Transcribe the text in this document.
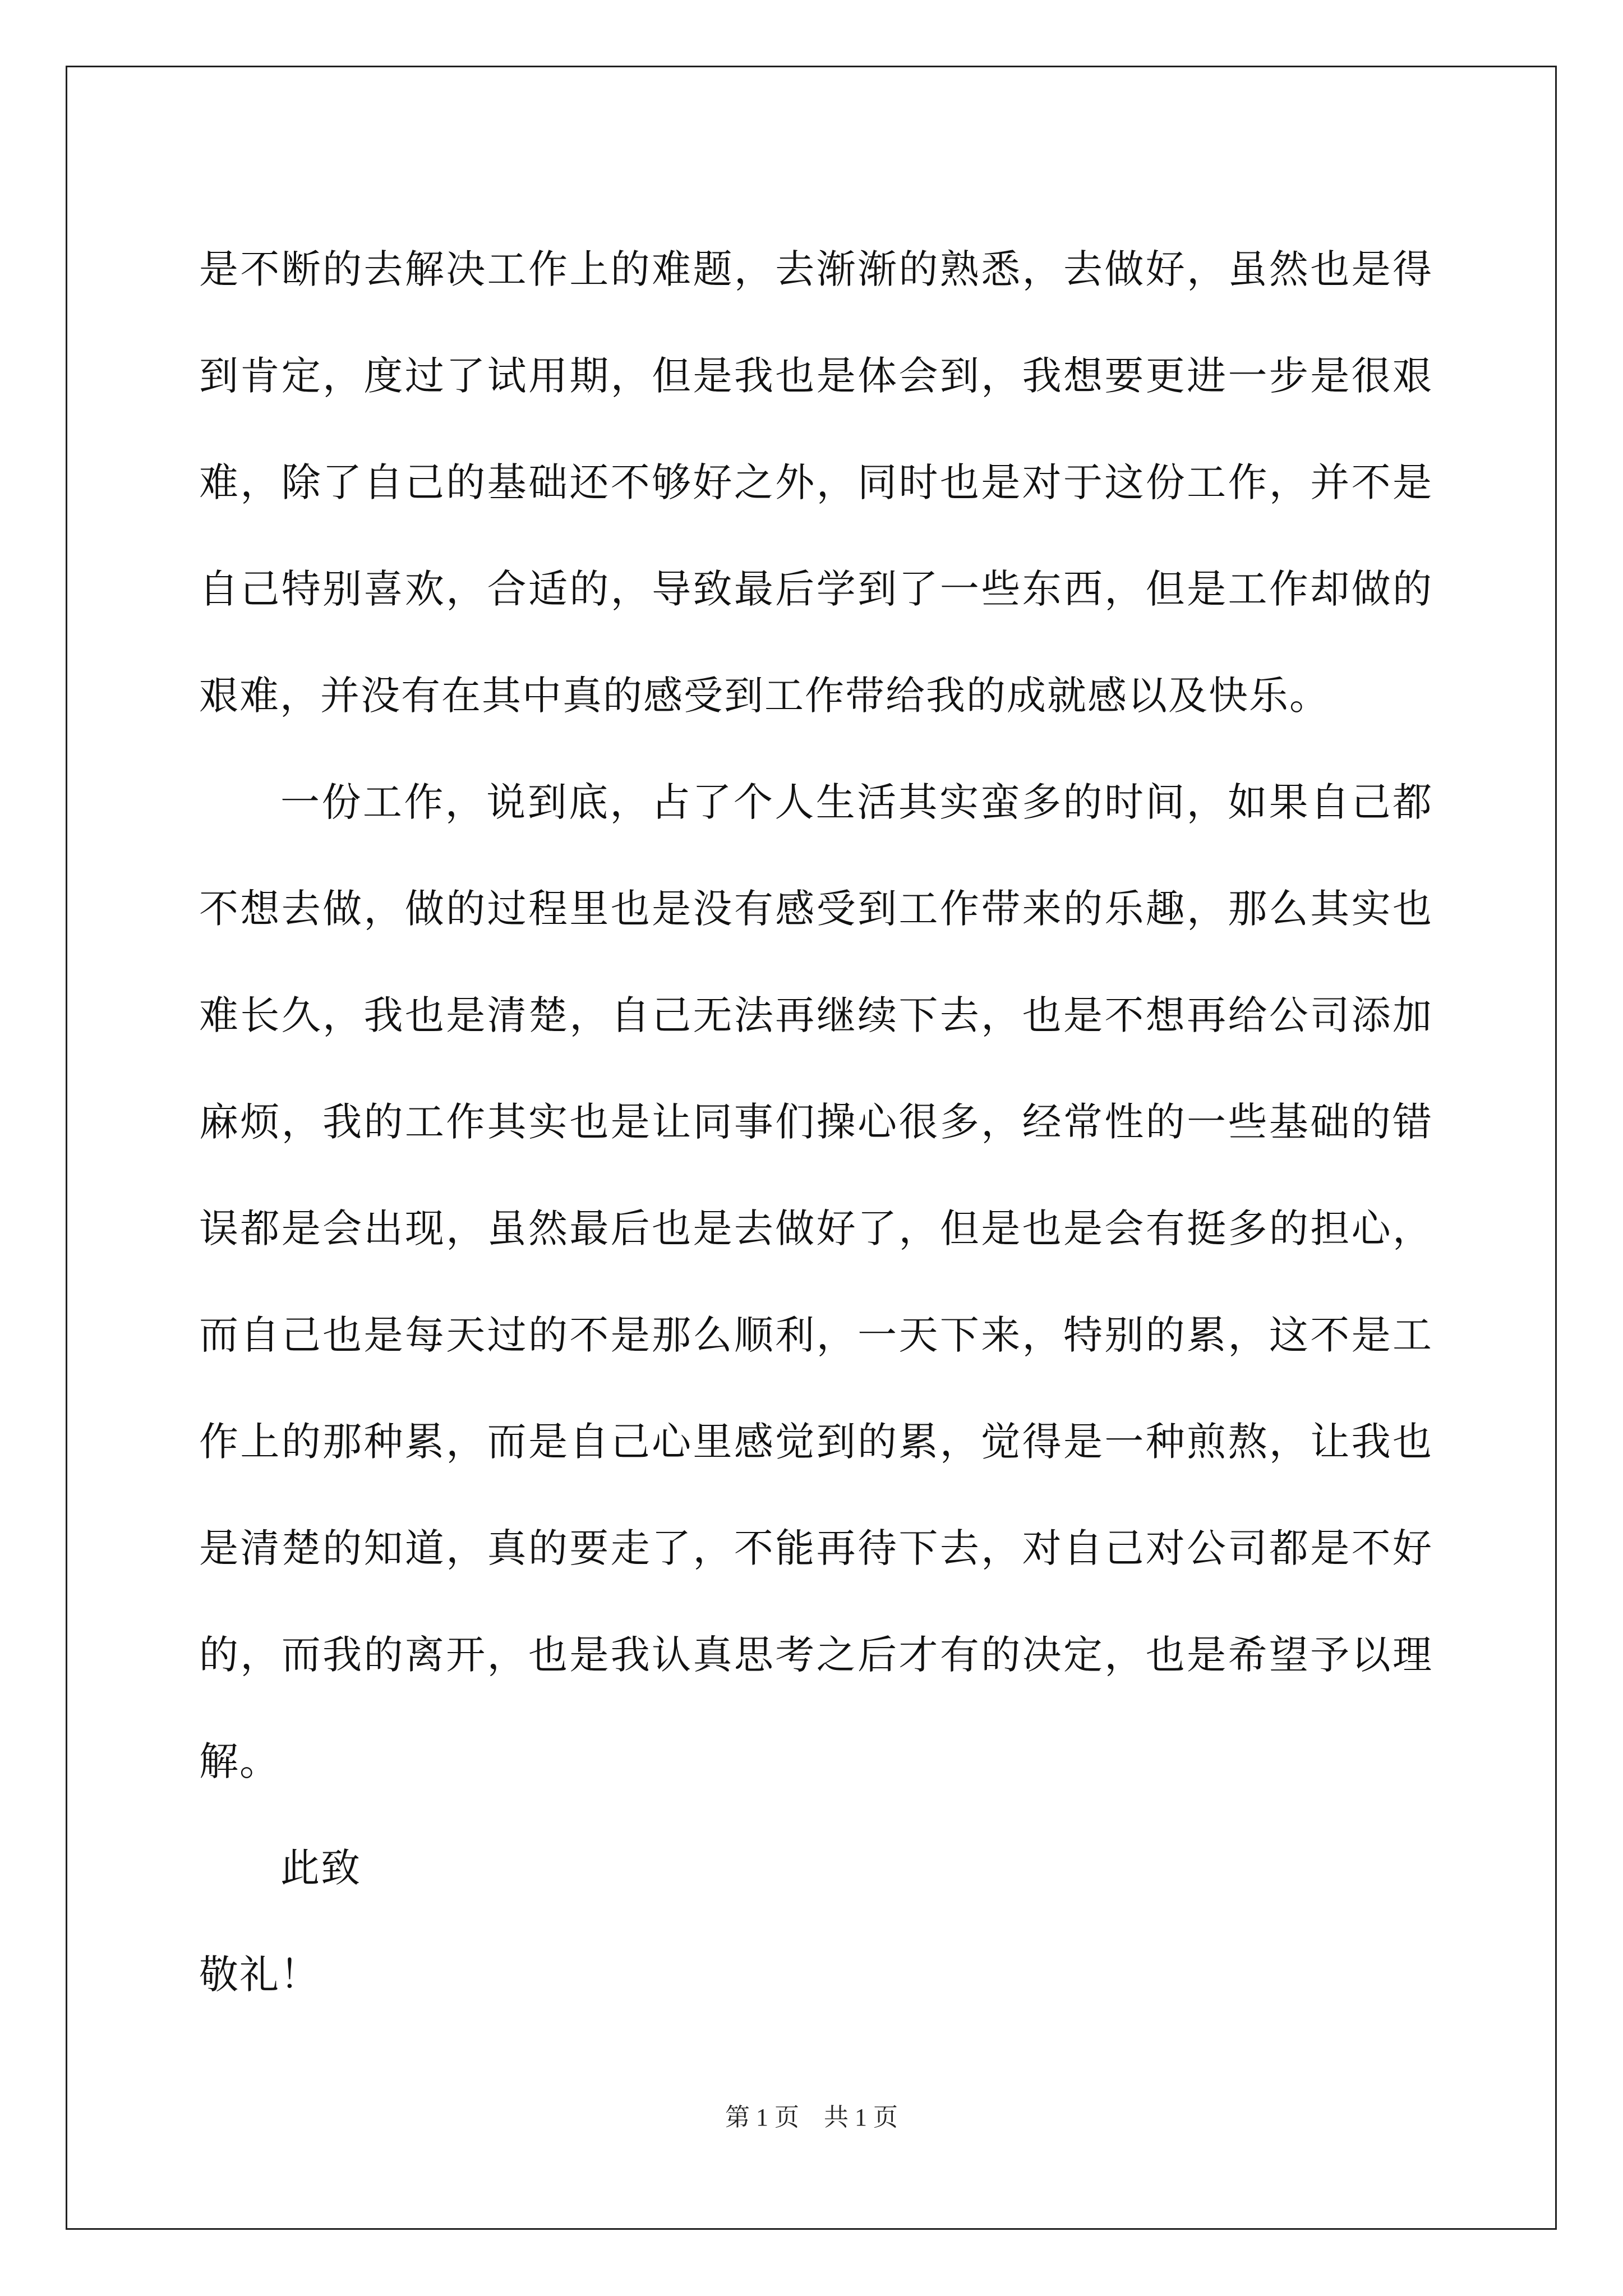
是不断的去解决工作上的难题，去渐渐的熟悉，去做好，虽然也是得
到肯定，度过了试用期，但是我也是体会到，我想要更进一步是很艰
难，除了自己的基础还不够好之外，同时也是对于这份工作，并不是
自己特别喜欢，合适的，导致最后学到了一些东西，但是工作却做的
艰难，并没有在其中真的感受到工作带给我的成就感以及快乐。
一份工作，说到底，占了个人生活其实蛮多的时间，如果自己都
不想去做，做的过程里也是没有感受到工作带来的乐趣，那么其实也
难长久，我也是清楚，自己无法再继续下去，也是不想再给公司添加
麻烦，我的工作其实也是让同事们操心很多，经常性的一些基础的错
误都是会出现，虽然最后也是去做好了，但是也是会有挺多的担心，
而自己也是每天过的不是那么顺利，一天下来，特别的累，这不是工
作上的那种累，而是自己心里感觉到的累，觉得是一种煎熬，让我也
是清楚的知道，真的要走了，不能再待下去，对自己对公司都是不好
的，而我的离开，也是我认真思考之后才有的决定，也是希望予以理
解。
此致
敬礼！
第 1 页　共 1 页
